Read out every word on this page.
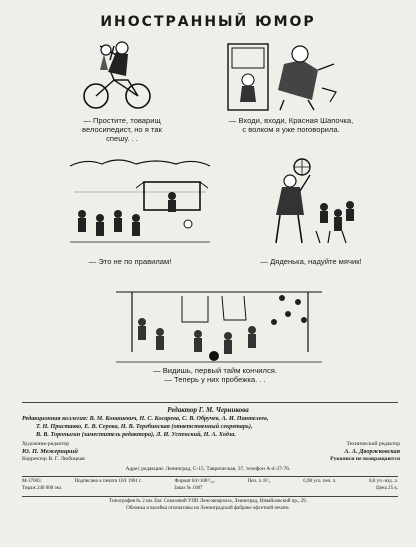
ИНОСТРАННЫЙ ЮМОР
— Простите, товарищ
велосипедист, но я так
спешу. . .
— Входи, входи, Красная Шапочка,
с волком я уже поговорила.
— Это не по правилам!	— Дяденька, надуйте мячик!
— Видишь, первый тайм кончился.
— Теперь у них пробежка. . .
Редактор Г. М. Черникова
Редакционная коллегия: В. М. Конашевич, Н. С. Косарева, С. В. Обручев, А. И. Пантелеев,
Т. Н. Приставко, Е. В. Серова, Н. В. Теребинская (ответственный секретарь),
В. В. Торопыгин (заместитель редактора), Л. И. Успенский, Н. А. Ходза.
Художник-редактор
Ю. П. Межерицкий
Корректор В. Г. Любицкая
Технический редактор
А. А. Дворжковская
Рукописи не возвращаются
Адрес редакции: Ленинград, С-15, Таврическая, 37, телефон А-4-37-76.
М-37003.	Подписано к печати 10/I 1961 г.	Формат 84×108¹/₁₆.	Печ. л. 8¹/₂	6,98 усл. печ. л.	8,8 уч.-изд. л.
Тираж 240 000 экз.	Заказ № 1087	Цена 25 к.
Типография № 2 им. Евг. Соколовой УПП Ленсовнархоза, Ленинград, Измайловский пр., 29.
Обложка и вклейка отпечатаны на Ленинградской фабрике офсетной печати.
